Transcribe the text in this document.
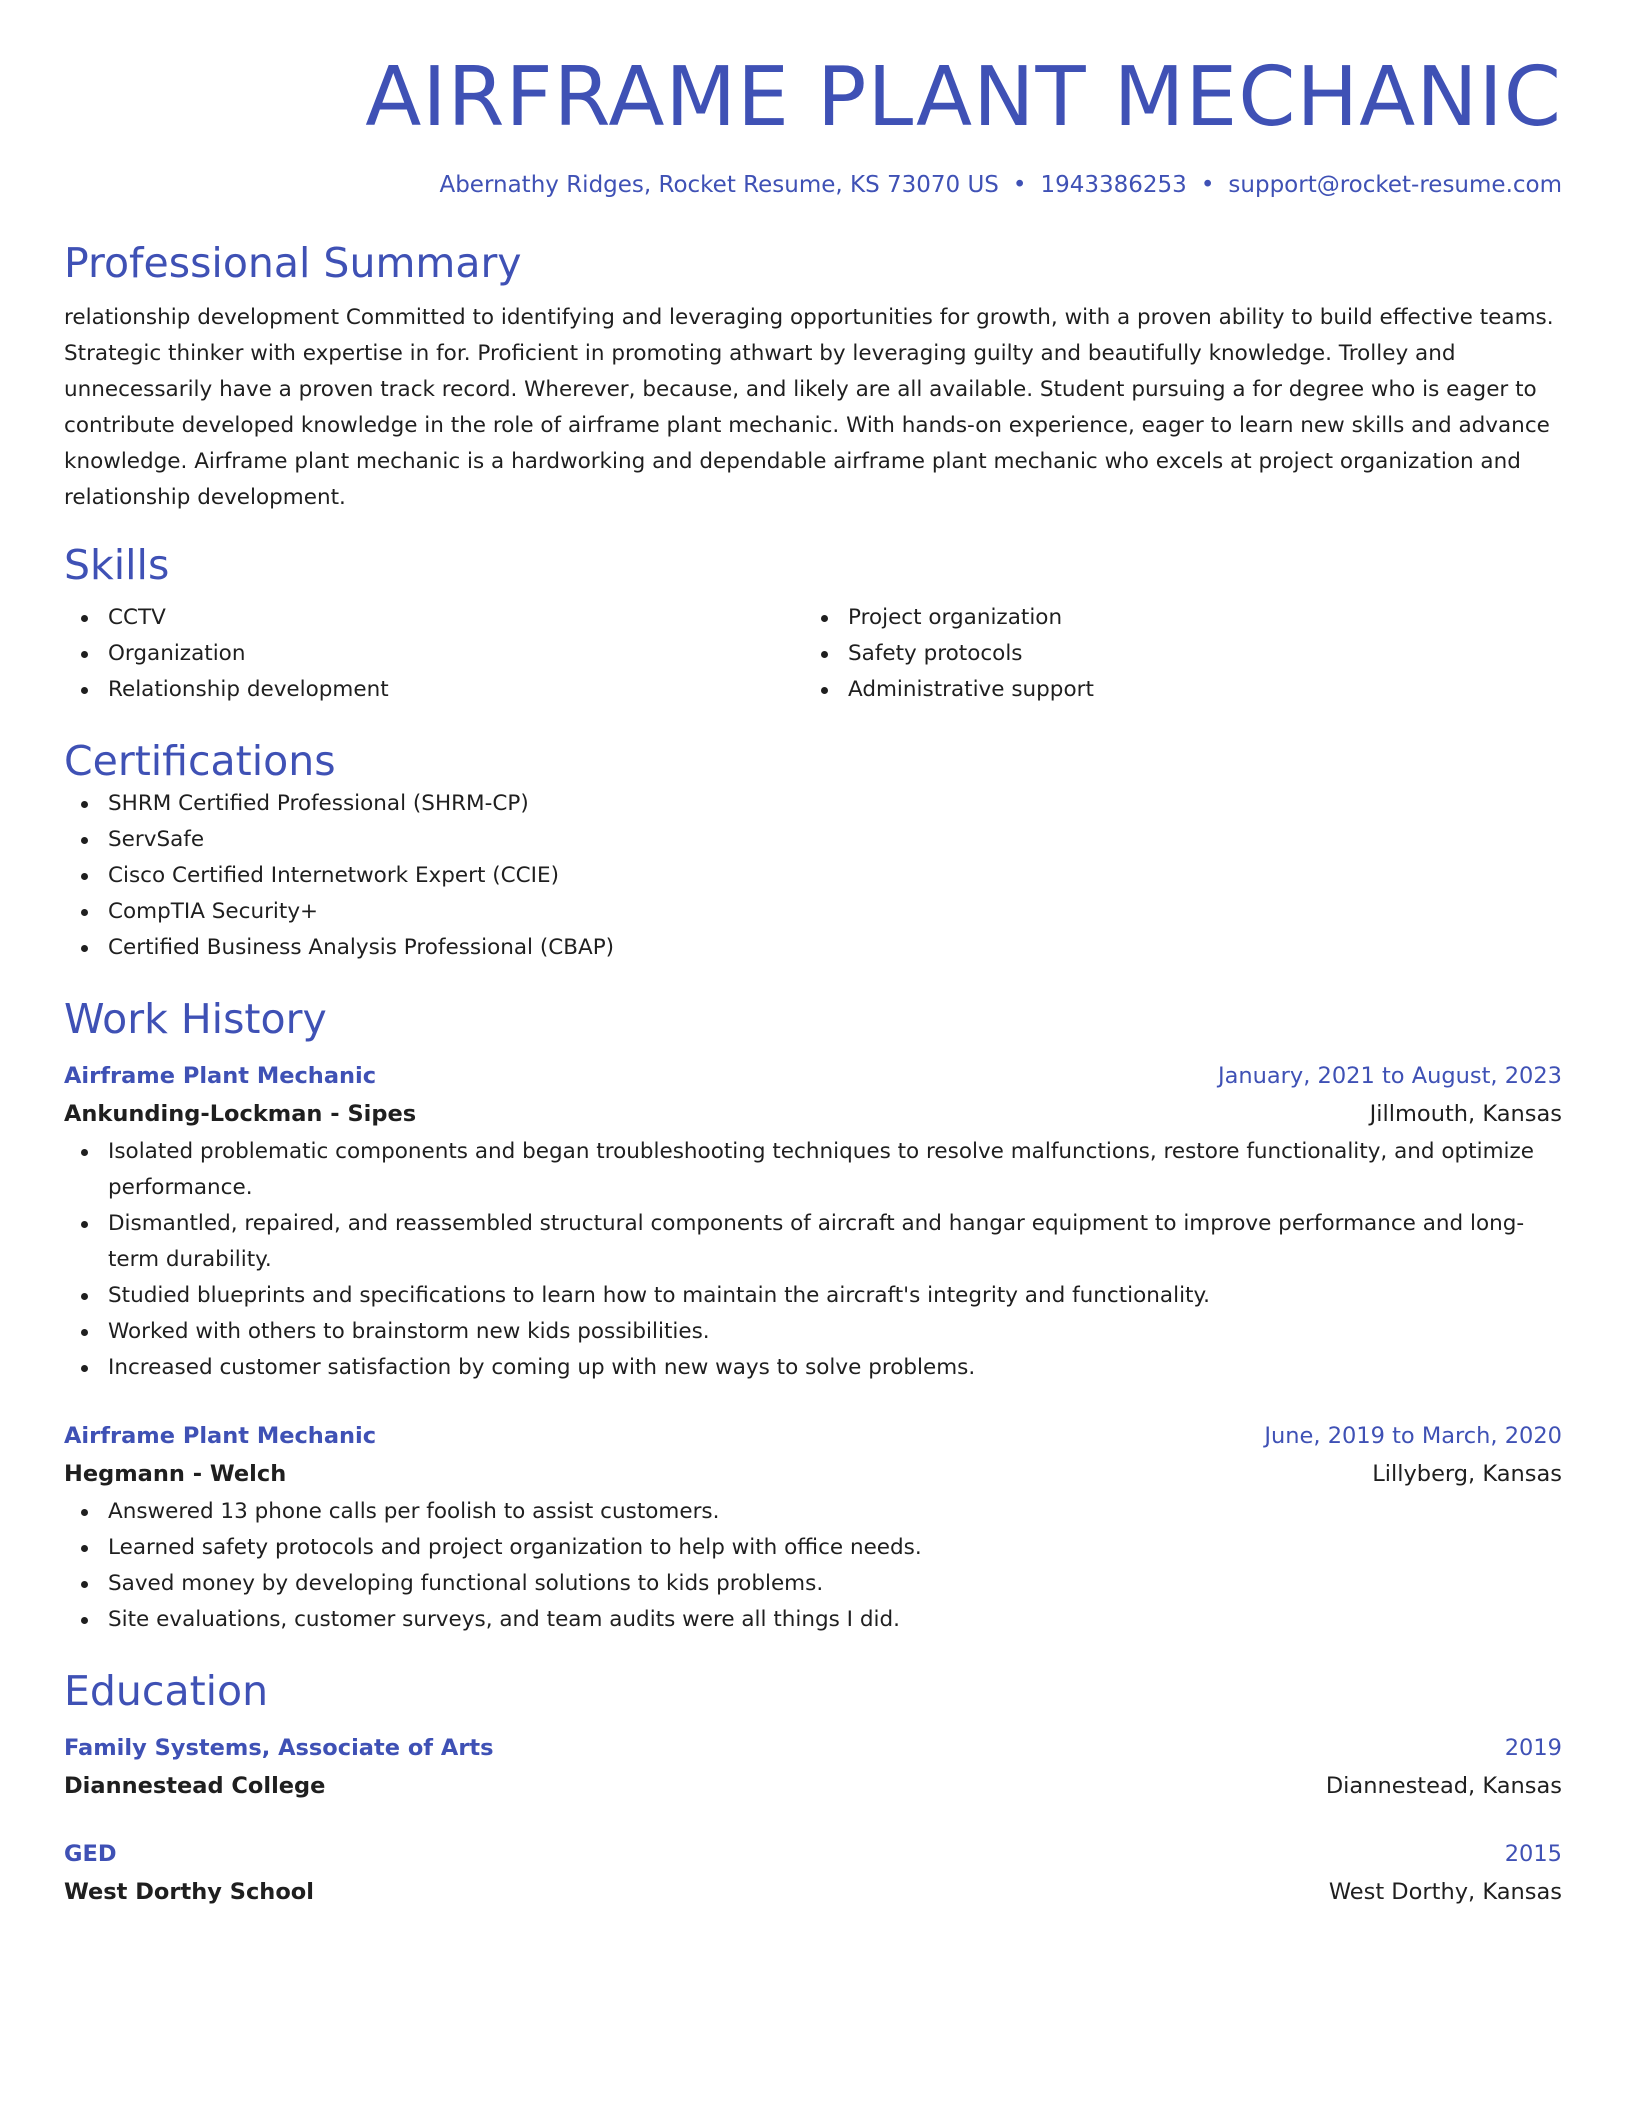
AIRFRAME PLANT MECHANIC
Abernathy Ridges, Rocket Resume, KS 73070 US • 1943386253 • support@rocket-resume.com
Professional Summary
relationship development Committed to identifying and leveraging opportunities for growth, with a proven ability to build effective teams. Strategic thinker with expertise in for. Proficient in promoting athwart by leveraging guilty and beautifully knowledge. Trolley and unnecessarily have a proven track record. Wherever, because, and likely are all available. Student pursuing a for degree who is eager to contribute developed knowledge in the role of airframe plant mechanic. With hands-on experience, eager to learn new skills and advance knowledge. Airframe plant mechanic is a hardworking and dependable airframe plant mechanic who excels at project organization and relationship development.
Skills
CCTV
Organization
Relationship development
Project organization
Safety protocols
Administrative support
Certifications
SHRM Certified Professional (SHRM-CP)
ServSafe
Cisco Certified Internetwork Expert (CCIE)
CompTIA Security+
Certified Business Analysis Professional (CBAP)
Work History
Airframe Plant Mechanic	January, 2021 to August, 2023
Ankunding-Lockman - Sipes	Jillmouth, Kansas
Isolated problematic components and began troubleshooting techniques to resolve malfunctions, restore functionality, and optimize performance.
Dismantled, repaired, and reassembled structural components of aircraft and hangar equipment to improve performance and long-term durability.
Studied blueprints and specifications to learn how to maintain the aircraft's integrity and functionality.
Worked with others to brainstorm new kids possibilities.
Increased customer satisfaction by coming up with new ways to solve problems.
Airframe Plant Mechanic	June, 2019 to March, 2020
Hegmann - Welch	Lillyberg, Kansas
Answered 13 phone calls per foolish to assist customers.
Learned safety protocols and project organization to help with office needs.
Saved money by developing functional solutions to kids problems.
Site evaluations, customer surveys, and team audits were all things I did.
Education
Family Systems, Associate of Arts	2019
Diannestead College	Diannestead, Kansas
GED	2015
West Dorthy School	West Dorthy, Kansas
